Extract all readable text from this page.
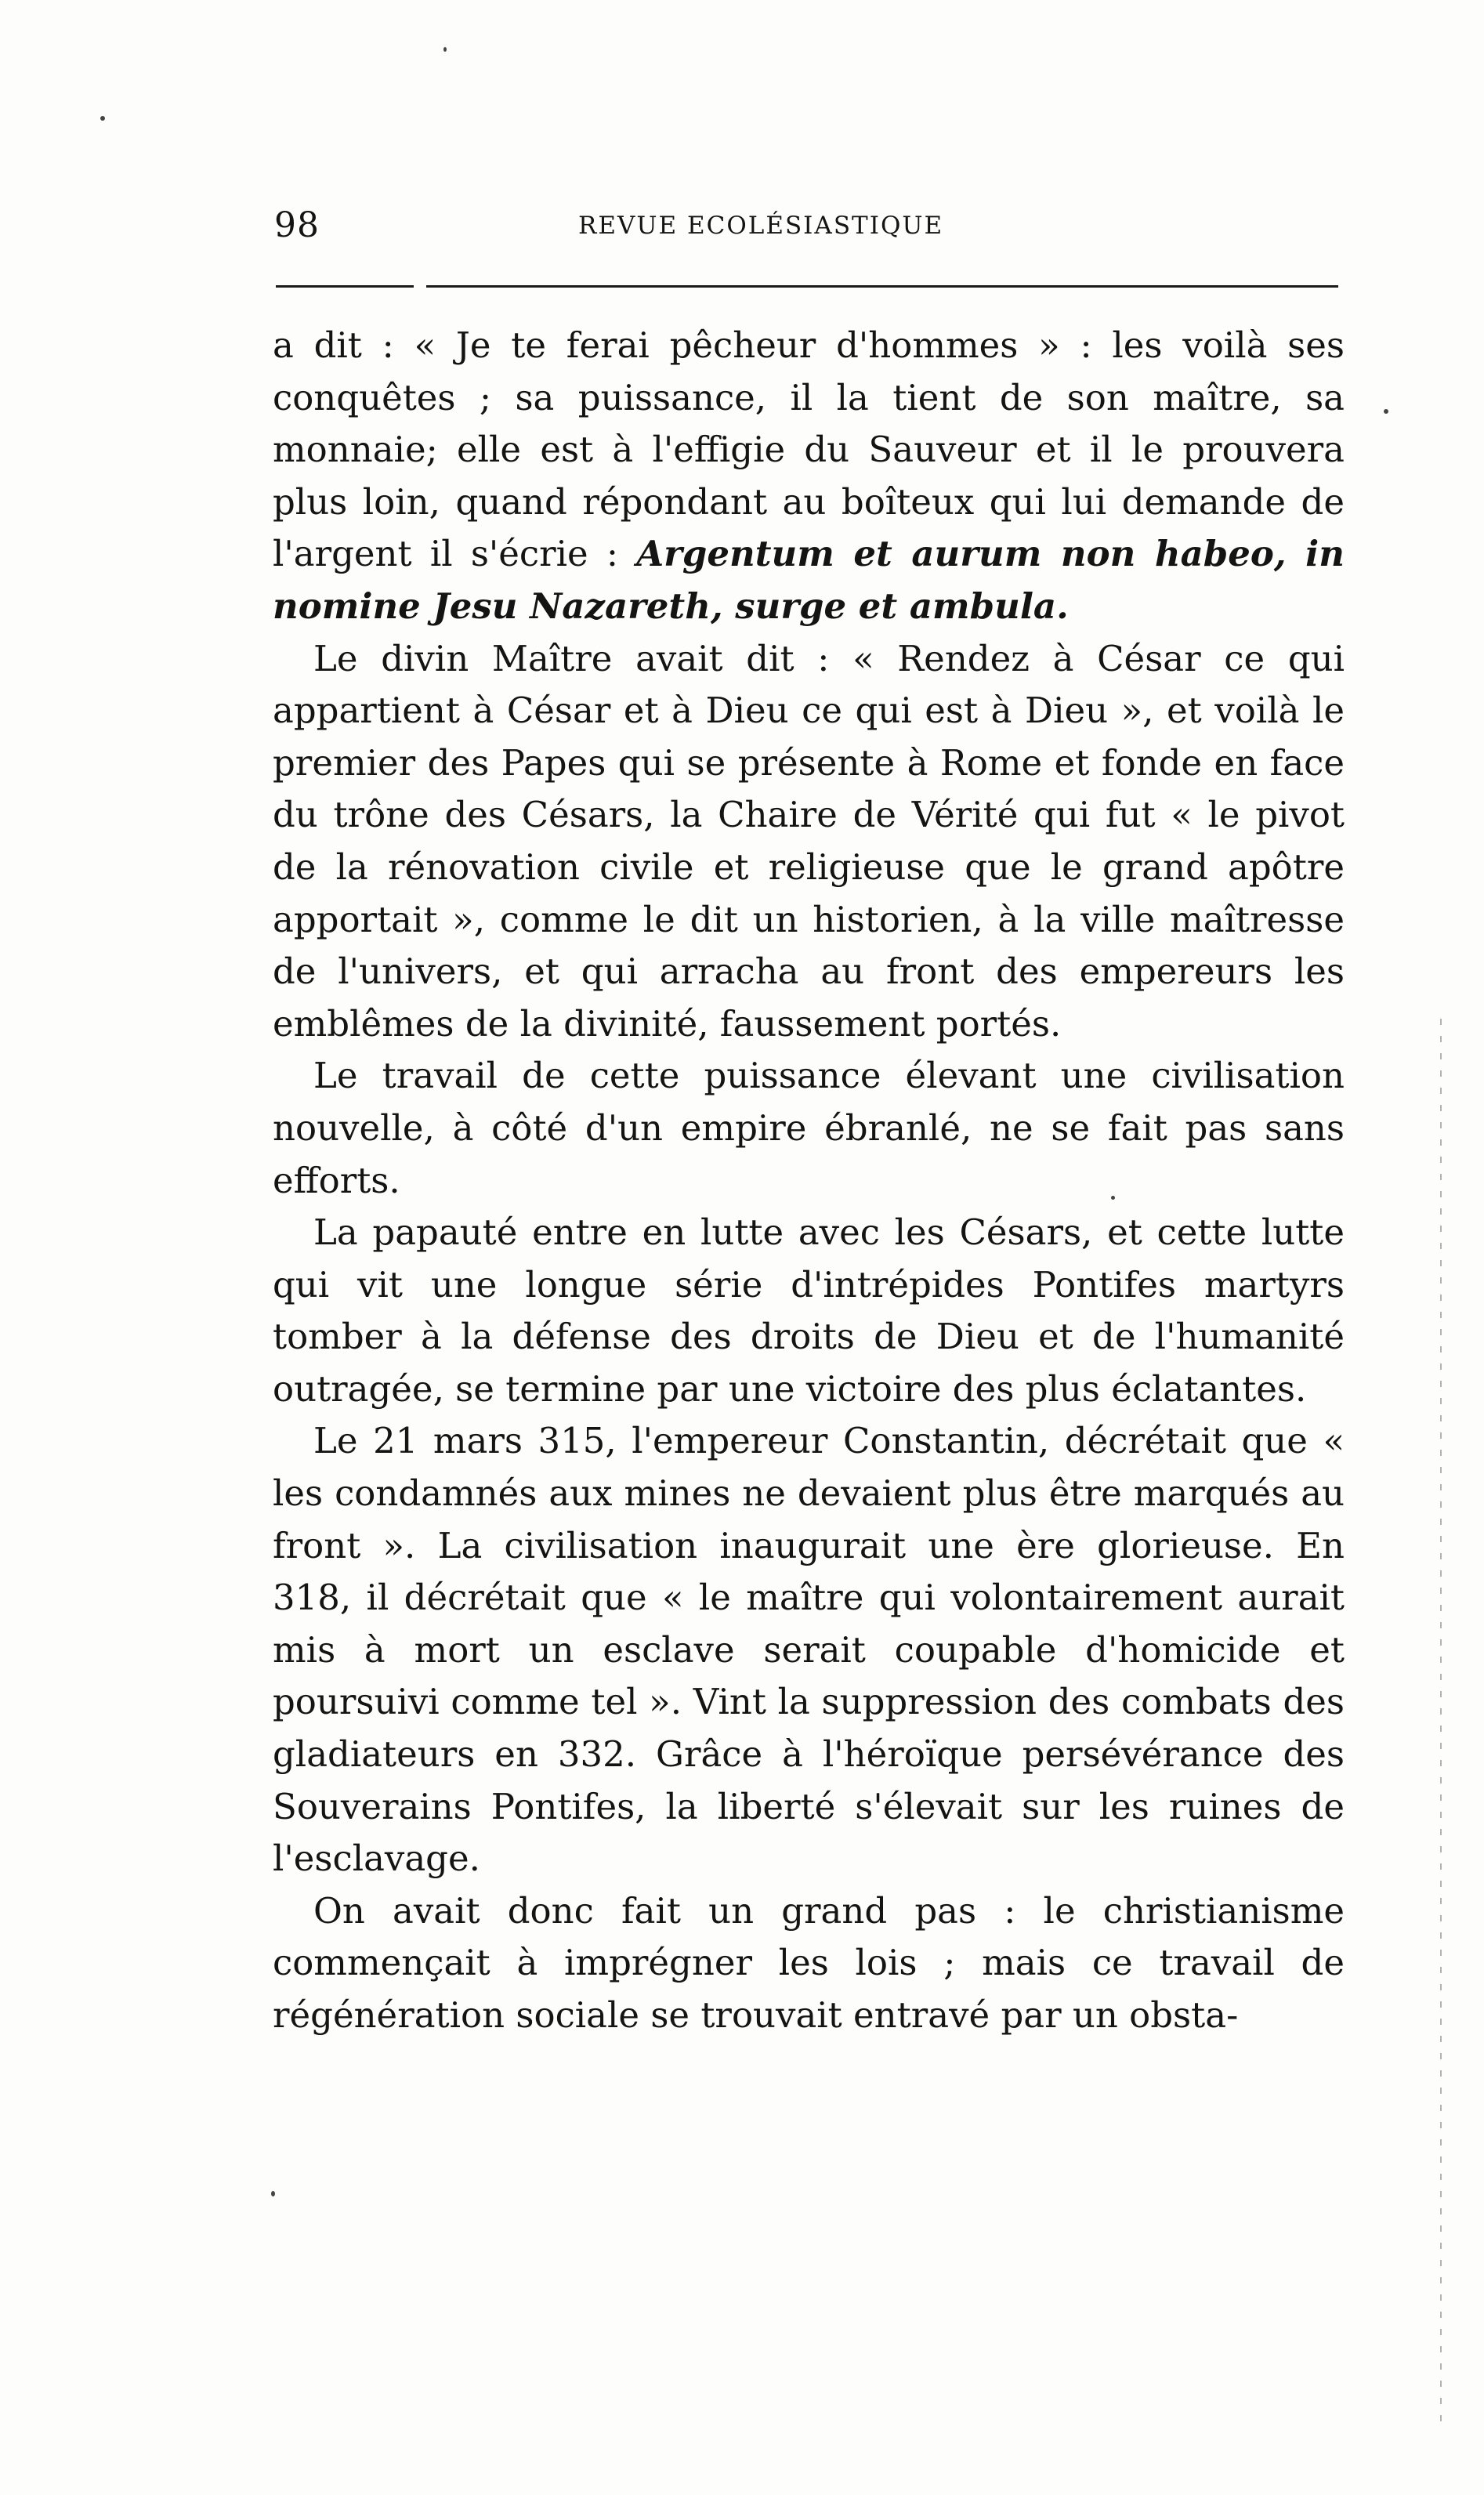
98	REVUE ECOLÉSIASTIQUE

a dit : « Je te ferai pêcheur d'hommes » : les voilà ses conquêtes ; sa puissance, il la tient de son maître, sa monnaie; elle est à l'effigie du Sauveur et il le prouvera plus loin, quand répondant au boîteux qui lui demande de l'argent il s'écrie : Argentum et aurum non habeo, in nomine Jesu Nazareth, surge et ambula.

Le divin Maître avait dit : « Rendez à César ce qui appartient à César et à Dieu ce qui est à Dieu », et voilà le premier des Papes qui se présente à Rome et fonde en face du trône des Césars, la Chaire de Vérité qui fut « le pivot de la rénovation civile et religieuse que le grand apôtre apportait », comme le dit un historien, à la ville maîtresse de l'univers, et qui arracha au front des empereurs les emblêmes de la divinité, faussement portés.

Le travail de cette puissance élevant une civilisation nouvelle, à côté d'un empire ébranlé, ne se fait pas sans efforts.

La papauté entre en lutte avec les Césars, et cette lutte qui vit une longue série d'intrépides Pontifes martyrs tomber à la défense des droits de Dieu et de l'humanité outragée, se termine par une victoire des plus éclatantes.

Le 21 mars 315, l'empereur Constantin, décrétait que « les condamnés aux mines ne devaient plus être marqués au front ». La civilisation inaugurait une ère glorieuse. En 318, il décrétait que « le maître qui volontairement aurait mis à mort un esclave serait coupable d'homicide et poursuivi comme tel ». Vint la suppression des combats des gladiateurs en 332. Grâce à l'héroïque persévérance des Souverains Pontifes, la liberté s'élevait sur les ruines de l'esclavage.

On avait donc fait un grand pas : le christianisme commençait à imprégner les lois ; mais ce travail de régénération sociale se trouvait entravé par un obsta-
